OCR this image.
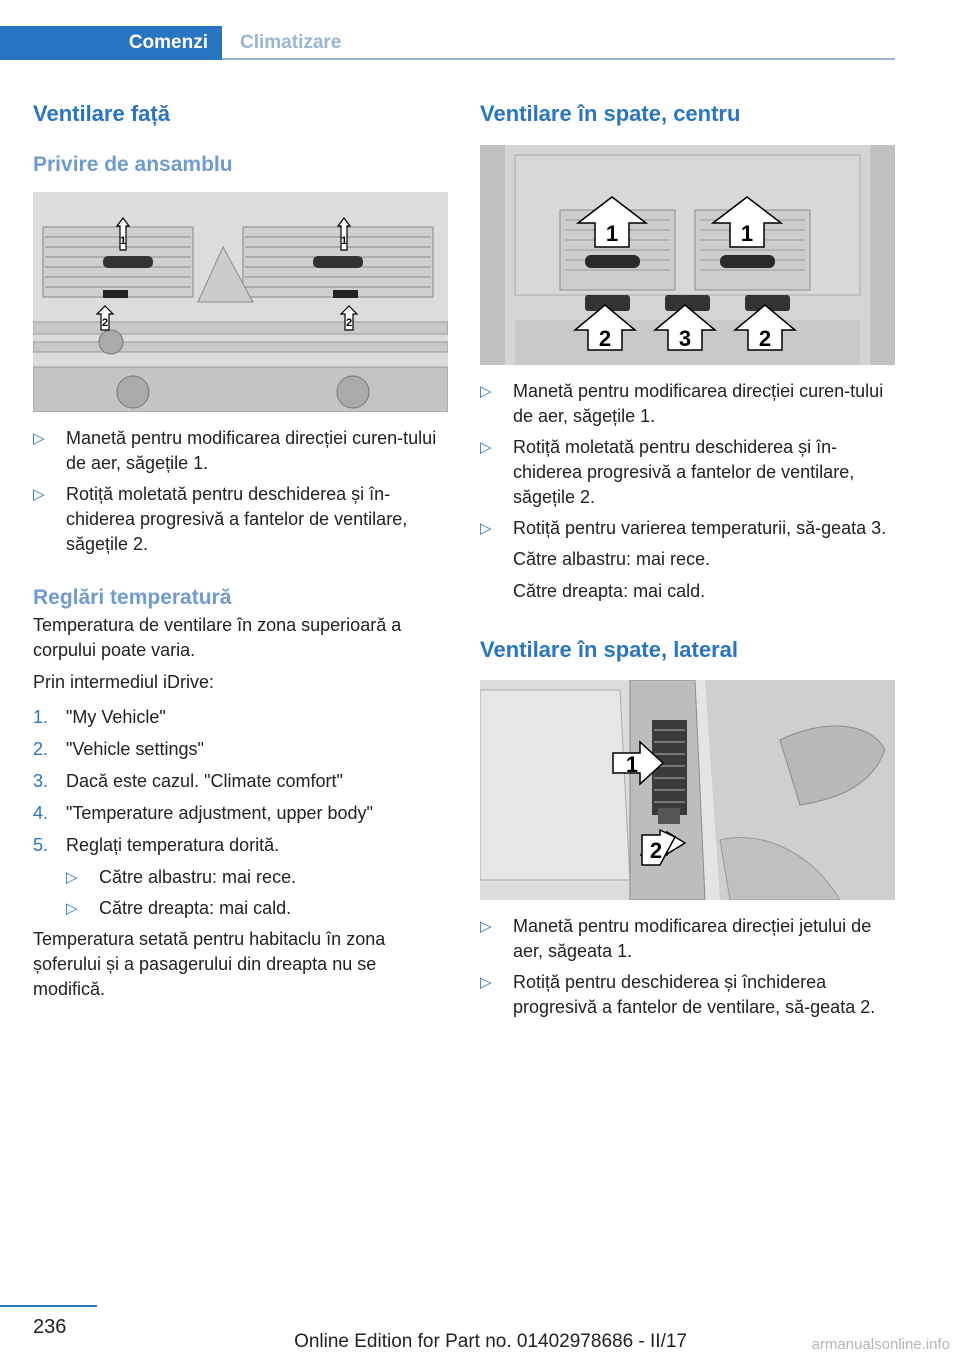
Comenzi	Climatizare
Ventilare față
Privire de ansamblu
1	1
2	2
▷ Manetă pentru modificarea direcției curen‐tului de aer, săgețile 1.
▷ Rotiță moletată pentru deschiderea și în‐chiderea progresivă a fantelor de ventilare, săgețile 2.
Reglări temperatură

Temperatura de ventilare în zona superioară a corpului poate varia.

Prin intermediul iDrive:

1. "My Vehicle"
2. "Vehicle settings"
3. Dacă este cazul. "Climate comfort"
4. "Temperature adjustment, upper body"
5. Reglați temperatura dorită.
▷ Către albastru: mai rece.
▷ Către dreapta: mai cald.

Temperatura setată pentru habitaclu în zona șoferului și a pasagerului din dreapta nu se modifică.

Ventilare în spate, centru
1	1
2	3	2
▷ Manetă pentru modificarea direcției curen‐tului de aer, săgețile 1.
▷ Rotiță moletată pentru deschiderea și în‐chiderea progresivă a fantelor de ventilare, săgețile 2.
▷ Rotiță pentru varierea temperaturii, să‐geata 3.

Către albastru: mai rece.

Către dreapta: mai cald.

Ventilare în spate, lateral
1
2
▷ Manetă pentru modificarea direcției jetului de aer, săgeata 1.
▷ Rotiță pentru deschiderea și închiderea progresivă a fantelor de ventilare, să‐geata 2.
236
Online Edition for Part no. 01402978686 - II/17	armanualsonline.info
